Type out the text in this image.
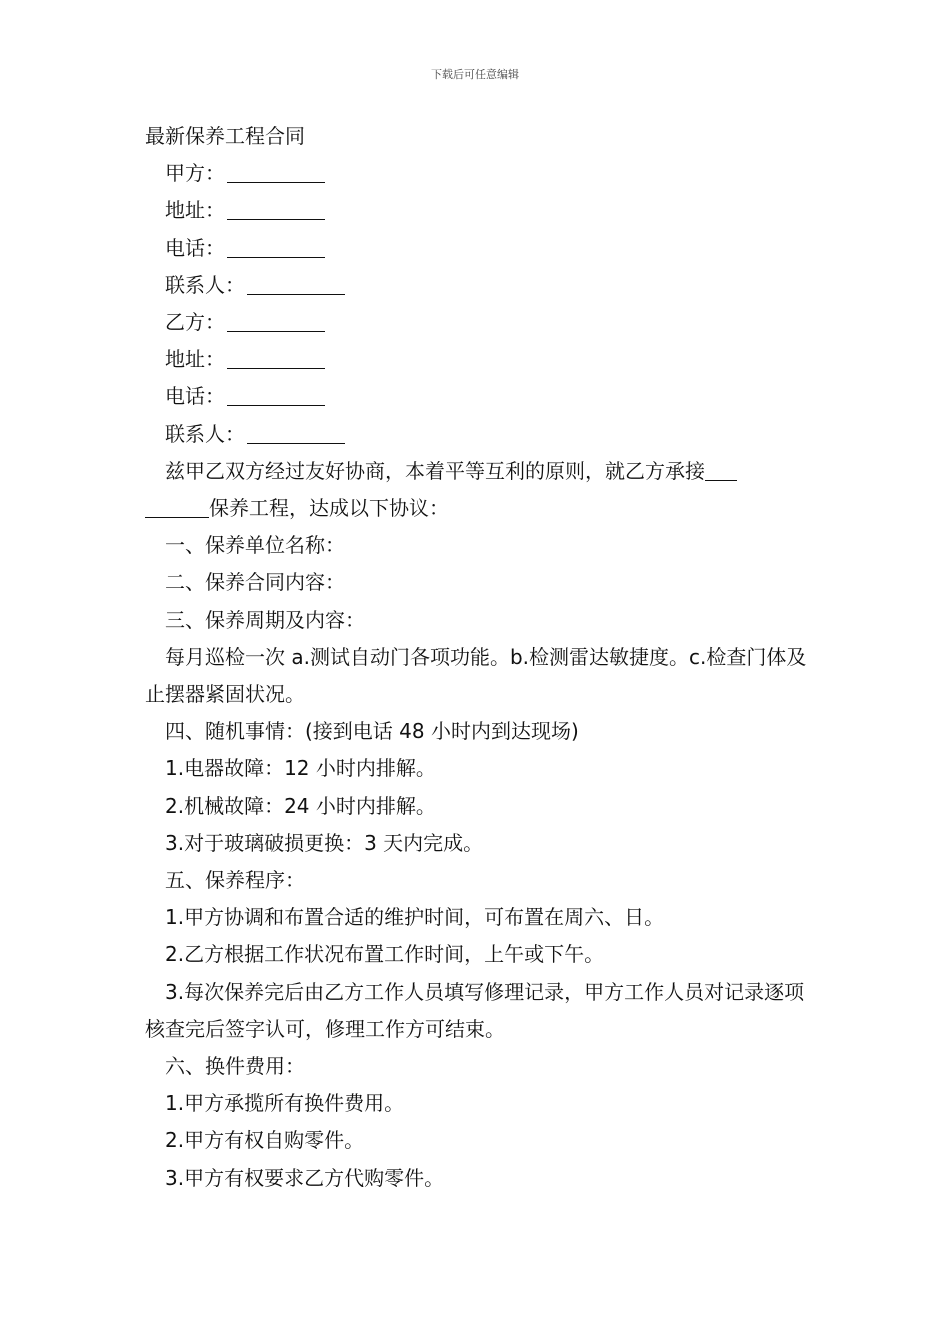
下载后可任意编辑
最新保养工程合同
甲方：
地址：
电话：
联系人：
乙方：
地址：
电话：
联系人：
兹甲乙双方经过友好协商，本着平等互利的原则，就乙方承接
保养工程，达成以下协议：
一、保养单位名称：
二、保养合同内容：
三、保养周期及内容：
每月巡检一次 a.测试自动门各项功能。b.检测雷达敏捷度。c.检查门体及止摆器紧固状况。
四、随机事情：(接到电话 48 小时内到达现场)
1.电器故障：12 小时内排解。
2.机械故障：24 小时内排解。
3.对于玻璃破损更换：3 天内完成。
五、保养程序：
1.甲方协调和布置合适的维护时间，可布置在周六、日。
2.乙方根据工作状况布置工作时间，上午或下午。
3.每次保养完后由乙方工作人员填写修理记录，甲方工作人员对记录逐项核查完后签字认可，修理工作方可结束。
六、换件费用：
1.甲方承揽所有换件费用。
2.甲方有权自购零件。
3.甲方有权要求乙方代购零件。
